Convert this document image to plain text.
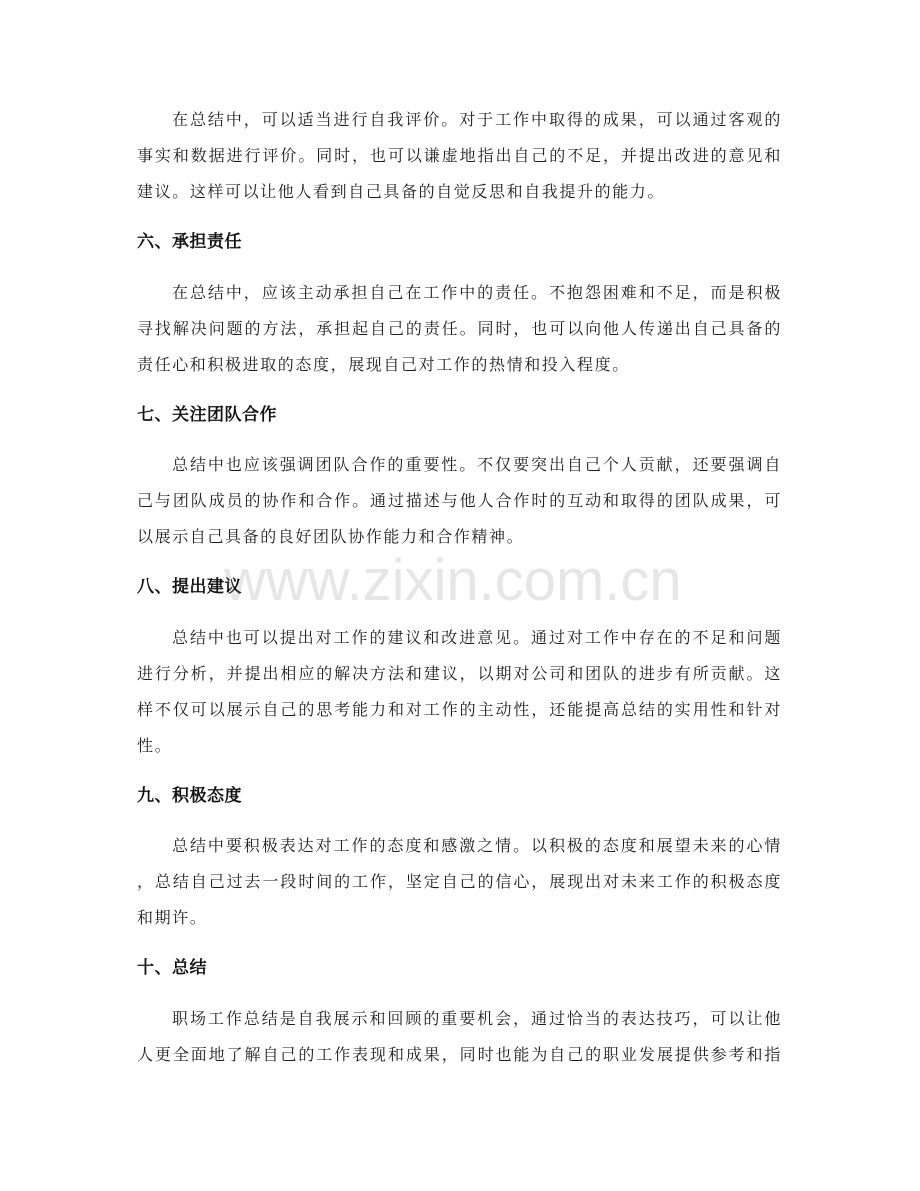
在总结中，可以适当进行自我评价。对于工作中取得的成果，可以通过客观的
事实和数据进行评价。同时，也可以谦虚地指出自己的不足，并提出改进的意见和
建议。这样可以让他人看到自己具备的自觉反思和自我提升的能力。
六、承担责任
在总结中，应该主动承担自己在工作中的责任。不抱怨困难和不足，而是积极
寻找解决问题的方法，承担起自己的责任。同时，也可以向他人传递出自己具备的
责任心和积极进取的态度，展现自己对工作的热情和投入程度。
七、关注团队合作
总结中也应该强调团队合作的重要性。不仅要突出自己个人贡献，还要强调自
己与团队成员的协作和合作。通过描述与他人合作时的互动和取得的团队成果，可
以展示自己具备的良好团队协作能力和合作精神。
八、提出建议
总结中也可以提出对工作的建议和改进意见。通过对工作中存在的不足和问题
进行分析，并提出相应的解决方法和建议，以期对公司和团队的进步有所贡献。这
样不仅可以展示自己的思考能力和对工作的主动性，还能提高总结的实用性和针对
性。
九、积极态度
总结中要积极表达对工作的态度和感激之情。以积极的态度和展望未来的心情
，总结自己过去一段时间的工作，坚定自己的信心，展现出对未来工作的积极态度
和期许。
十、总结
职场工作总结是自我展示和回顾的重要机会，通过恰当的表达技巧，可以让他
人更全面地了解自己的工作表现和成果，同时也能为自己的职业发展提供参考和指
www.zixin.com.cn
